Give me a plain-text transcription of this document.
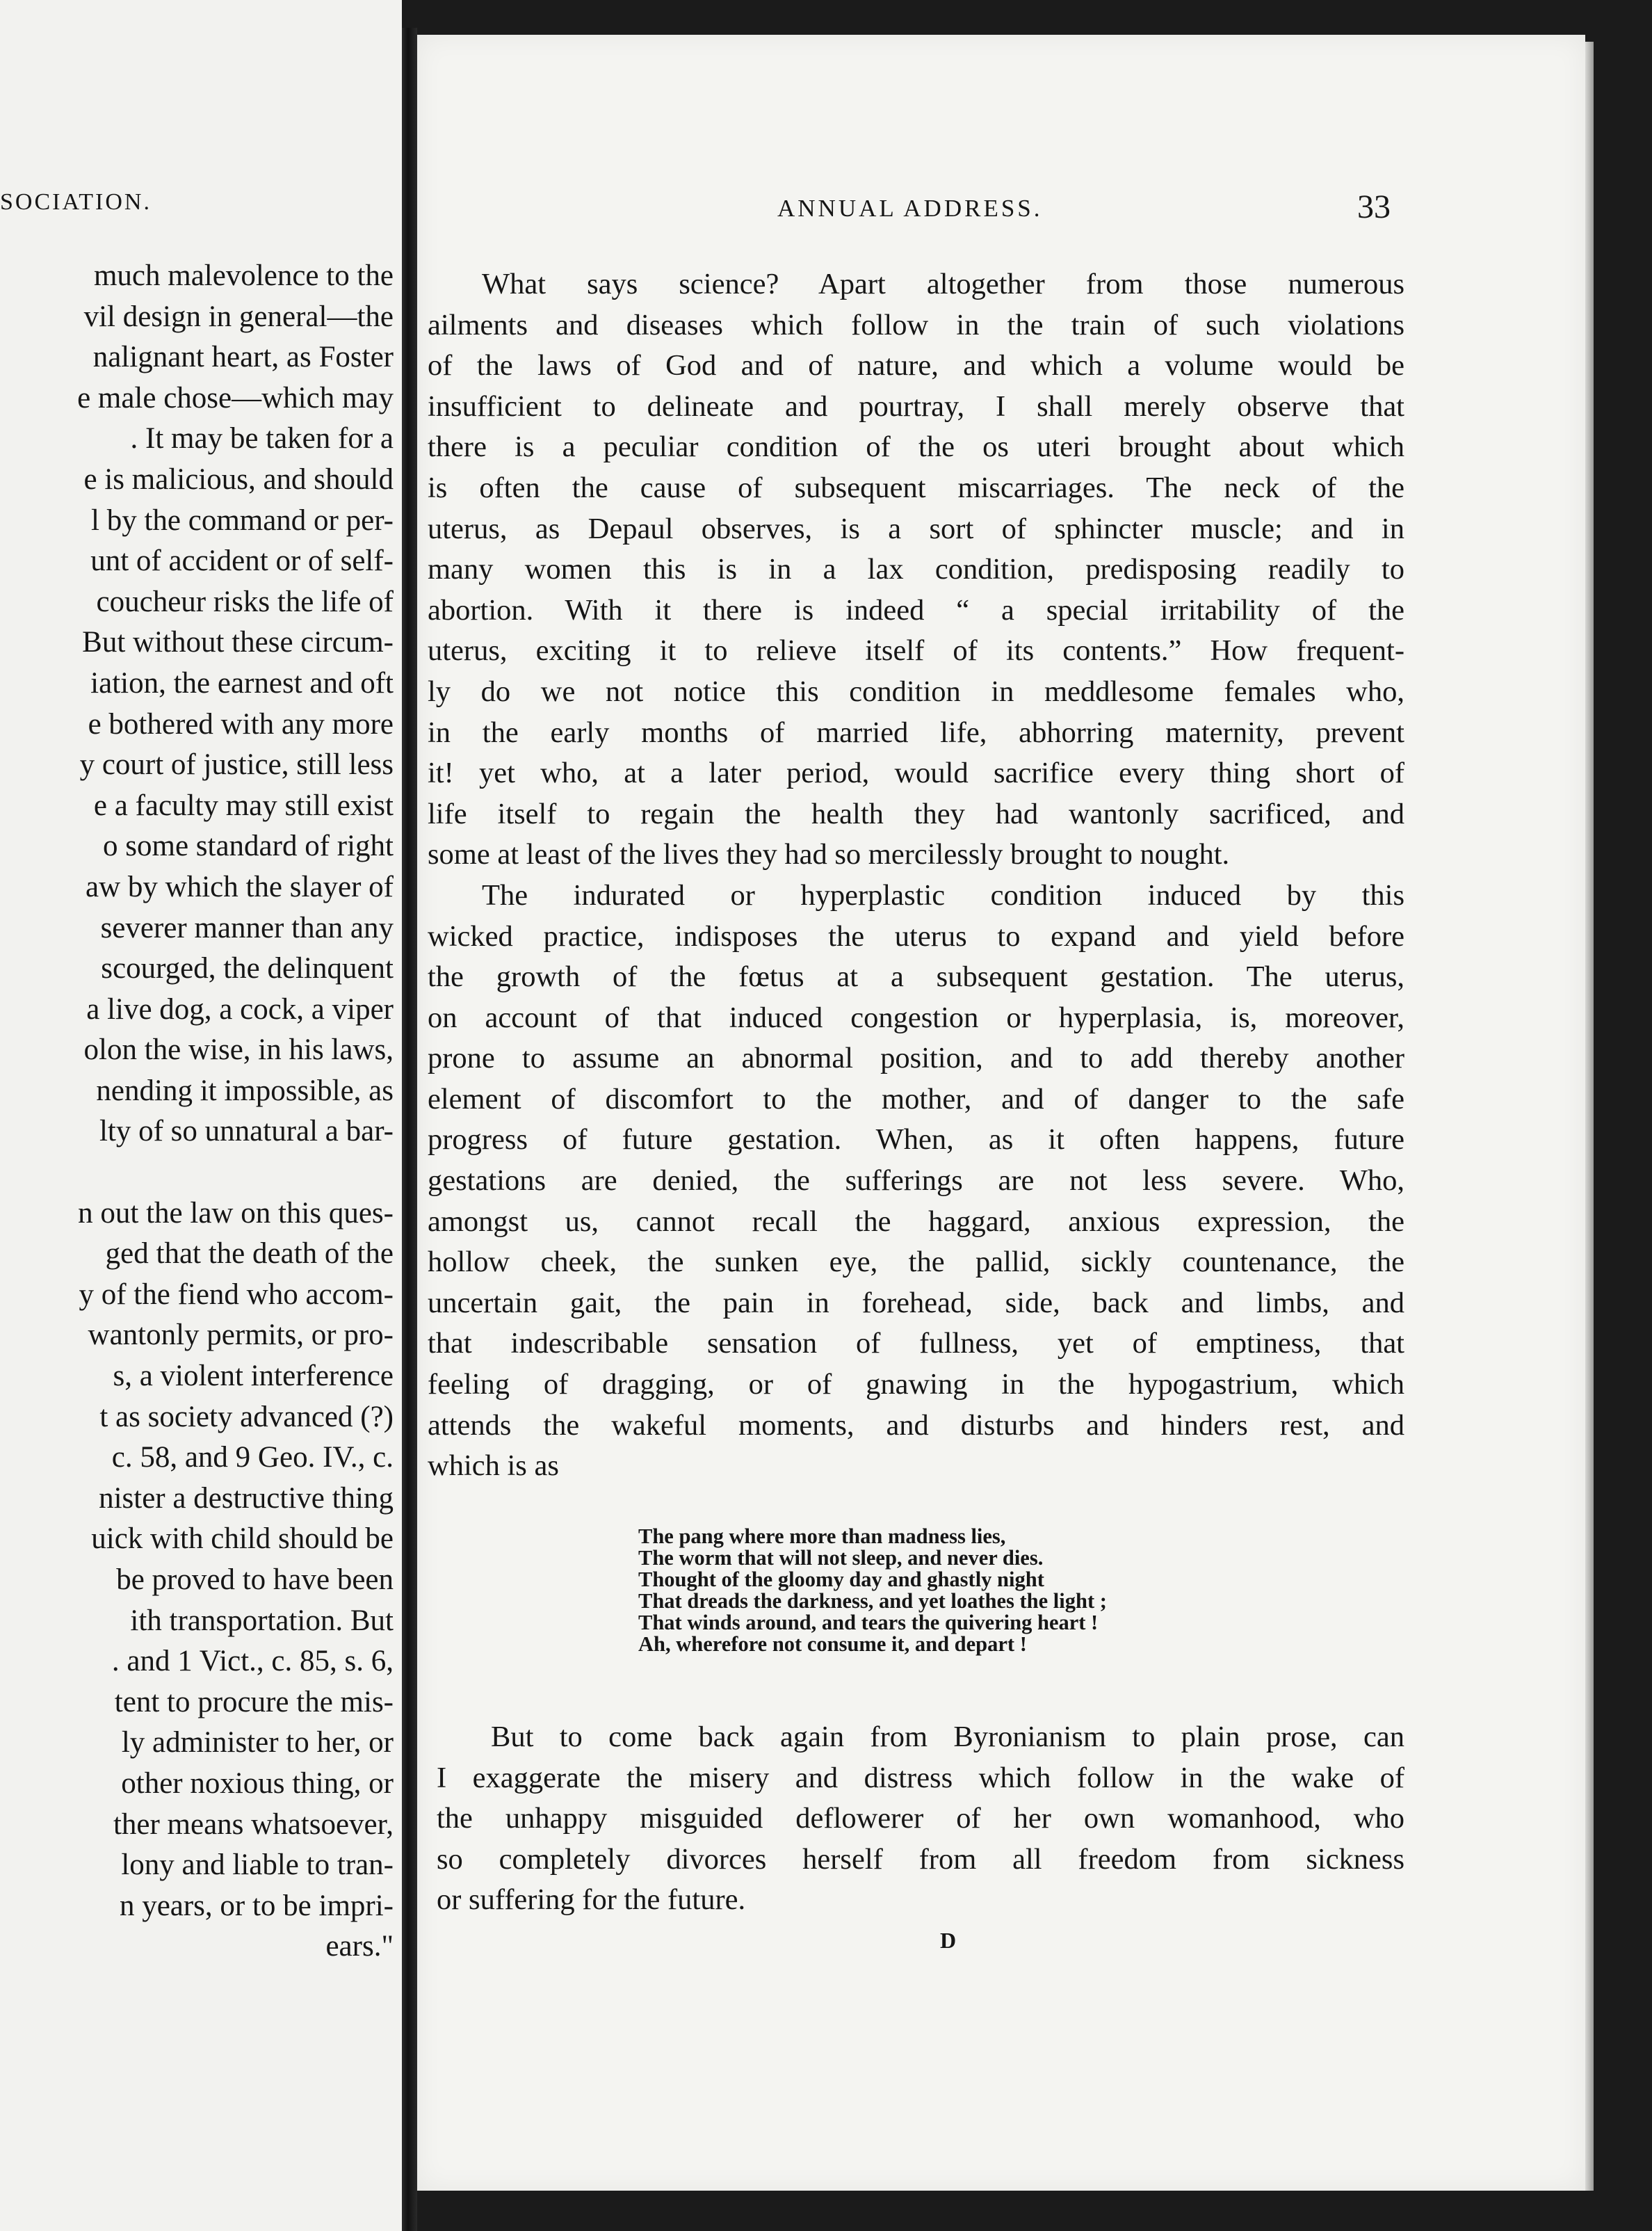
SOCIATION.
much malevolence to the
vil design in general—the
nalignant heart, as Foster
e male chose—which may
. It may be taken for a
e is malicious, and should
l by the command or per-
unt of accident or of self-
coucheur risks the life of
But without these circum-
iation, the earnest and oft
e bothered with any more
y court of justice, still less
e a faculty may still exist
o some standard of right
aw by which the slayer of
severer manner than any
scourged, the delinquent
a live dog, a cock, a viper
olon the wise, in his laws,
nending it impossible, as
lty of so unnatural a bar-
n out the law on this ques-
ged that the death of the
y of the fiend who accom-
wantonly permits, or pro-
s, a violent interference
t as society advanced (?)
c. 58, and 9 Geo. IV., c.
nister a destructive thing
uick with child should be
be proved to have been
ith transportation. But
. and 1 Vict., c. 85, s. 6,
tent to procure the mis-
ly administer to her, or
other noxious thing, or
ther means whatsoever,
lony and liable to tran-
n years, or to be impri-
ears."
ANNUAL ADDRESS.	33
What says science? Apart altogether from those numerous
ailments and diseases which follow in the train of such violations
of the laws of God and of nature, and which a volume would be
insufficient to delineate and pourtray, I shall merely observe that
there is a peculiar condition of the os uteri brought about which
is often the cause of subsequent miscarriages. The neck of the
uterus, as Depaul observes, is a sort of sphincter muscle; and in
many women this is in a lax condition, predisposing readily to
abortion. With it there is indeed “ a special irritability of the
uterus, exciting it to relieve itself of its contents.” How frequent-
ly do we not notice this condition in meddlesome females who,
in the early months of married life, abhorring maternity, prevent
it! yet who, at a later period, would sacrifice every thing short of
life itself to regain the health they had wantonly sacrificed, and
some at least of the lives they had so mercilessly brought to nought.
The indurated or hyperplastic condition induced by this
wicked practice, indisposes the uterus to expand and yield before
the growth of the fœtus at a subsequent gestation. The uterus,
on account of that induced congestion or hyperplasia, is, moreover,
prone to assume an abnormal position, and to add thereby another
element of discomfort to the mother, and of danger to the safe
progress of future gestation. When, as it often happens, future
gestations are denied, the sufferings are not less severe. Who,
amongst us, cannot recall the haggard, anxious expression, the
hollow cheek, the sunken eye, the pallid, sickly countenance, the
uncertain gait, the pain in forehead, side, back and limbs, and
that indescribable sensation of fullness, yet of emptiness, that
feeling of dragging, or of gnawing in the hypogastrium, which
attends the wakeful moments, and disturbs and hinders rest, and
which is as
The pang where more than madness lies,
The worm that will not sleep, and never dies.
Thought of the gloomy day and ghastly night
That dreads the darkness, and yet loathes the light ;
That winds around, and tears the quivering heart !
Ah, wherefore not consume it, and depart !
But to come back again from Byronianism to plain prose, can
I exaggerate the misery and distress which follow in the wake of
the unhappy misguided deflowerer of her own womanhood, who
so completely divorces herself from all freedom from sickness
or suffering for the future.
D
